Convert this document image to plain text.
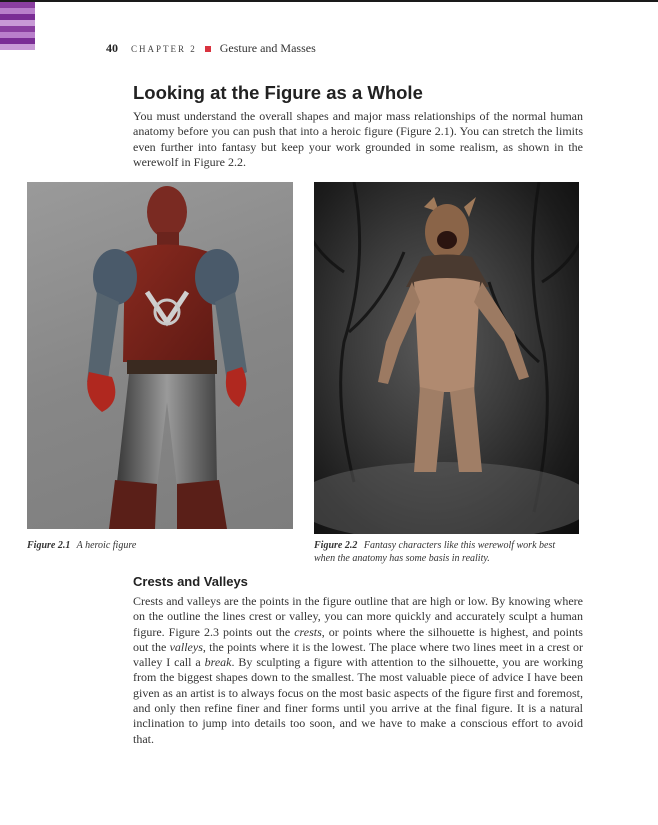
40 CHAPTER 2 Gesture and Masses
Looking at the Figure as a Whole

You must understand the overall shapes and major mass relationships of the normal human anatomy before you can push that into a heroic figure (Figure 2.1). You can stretch the limits even further into fantasy but keep your work grounded in some realism, as shown in the werewolf in Figure 2.2.

Figure 2.1 A heroic figure	Figure 2.2 Fantasy characters like this werewolf work best when the anatomy has some basis in reality.
Crests and Valleys

Crests and valleys are the points in the figure outline that are high or low. By knowing where on the outline the lines crest or valley, you can more quickly and accurately sculpt a human figure. Figure 2.3 points out the crests, or points where the silhouette is highest, and points out the valleys, the points where it is the lowest. The place where two lines meet in a crest or valley I call a break. By sculpting a figure with attention to the silhouette, you are working from the biggest shapes down to the smallest. The most valuable piece of advice I have been given as an artist is to always focus on the most basic aspects of the figure first and foremost, and only then refine finer and finer forms until you arrive at the final figure. It is a natural inclination to jump into details too soon, and we have to make a conscious effort to avoid that.
